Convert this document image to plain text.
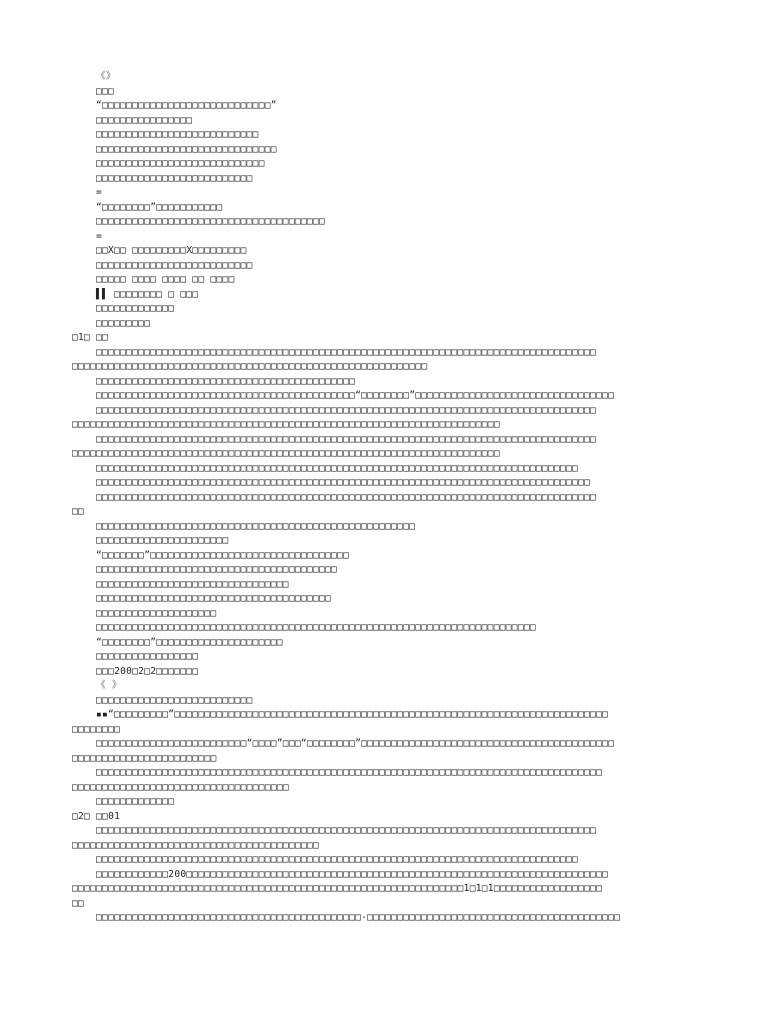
《》
□□□
“□□□□□□□□□□□□□□□□□□□□□□□□□□□□”
□□□□□□□□□□□□□□□□
□□□□□□□□□□□□□□□□□□□□□□□□□□□
□□□□□□□□□□□□□□□□□□□□□□□□□□□□□□
□□□□□□□□□□□□□□□□□□□□□□□□□□□□
□□□□□□□□□□□□□□□□□□□□□□□□□□
=
“□□□□□□□□”□□□□□□□□□□□
□□□□□□□□□□□□□□□□□□□□□□□□□□□□□□□□□□□□□□
=
□□X□□ □□□□□□□□□X□□□□□□□□□
□□□□□□□□□□□□□□□□□□□□□□□□□□
□□□□□ □□□□ □□□□ □□ □□□□
▌▌ □□□□□□□□ □ □□□
□□□□□□□□□□□□□
□□□□□□□□□
□1□ □□
□□□□□□□□□□□□□□□□□□□□□□□□□□□□□□□□□□□□□□□□□□□□□□□□□□□□□□□□□□□□□□□□□□□□□□□□□□□□□□□□□□□
□□□□□□□□□□□□□□□□□□□□□□□□□□□□□□□□□□□□□□□□□□□□□□□□□□□□□□□□□□□
□□□□□□□□□□□□□□□□□□□□□□□□□□□□□□□□□□□□□□□□□□□
□□□□□□□□□□□□□□□□□□□□□□□□□□□□□□□□□□□□□□□□□□□“□□□□□□□□”□□□□□□□□□□□□□□□□□□□□□□□□□□□□□□□□□
□□□□□□□□□□□□□□□□□□□□□□□□□□□□□□□□□□□□□□□□□□□□□□□□□□□□□□□□□□□□□□□□□□□□□□□□□□□□□□□□□□□
□□□□□□□□□□□□□□□□□□□□□□□□□□□□□□□□□□□□□□□□□□□□□□□□□□□□□□□□□□□□□□□□□□□□□□□
□□□□□□□□□□□□□□□□□□□□□□□□□□□□□□□□□□□□□□□□□□□□□□□□□□□□□□□□□□□□□□□□□□□□□□□□□□□□□□□□□□□
□□□□□□□□□□□□□□□□□□□□□□□□□□□□□□□□□□□□□□□□□□□□□□□□□□□□□□□□□□□□□□□□□□□□□□□
□□□□□□□□□□□□□□□□□□□□□□□□□□□□□□□□□□□□□□□□□□□□□□□□□□□□□□□□□□□□□□□□□□□□□□□□□□□□□□□□
□□□□□□□□□□□□□□□□□□□□□□□□□□□□□□□□□□□□□□□□□□□□□□□□□□□□□□□□□□□□□□□□□□□□□□□□□□□□□□□□□□
□□□□□□□□□□□□□□□□□□□□□□□□□□□□□□□□□□□□□□□□□□□□□□□□□□□□□□□□□□□□□□□□□□□□□□□□□□□□□□□□□□□
□□
□□□□□□□□□□□□□□□□□□□□□□□□□□□□□□□□□□□□□□□□□□□□□□□□□□□□□
□□□□□□□□□□□□□□□□□□□□□□
“□□□□□□□”□□□□□□□□□□□□□□□□□□□□□□□□□□□□□□□□□
□□□□□□□□□□□□□□□□□□□□□□□□□□□□□□□□□□□□□□□□
□□□□□□□□□□□□□□□□□□□□□□□□□□□□□□□□
□□□□□□□□□□□□□□□□□□□□□□□□□□□□□□□□□□□□□□□
□□□□□□□□□□□□□□□□□□□□
□□□□□□□□□□□□□□□□□□□□□□□□□□□□□□□□□□□□□□□□□□□□□□□□□□□□□□□□□□□□□□□□□□□□□□□□□
“□□□□□□□□”□□□□□□□□□□□□□□□□□□□□□
□□□□□□□□□□□□□□□□□
□□□200□2□2□□□□□□□
《 》
□□□□□□□□□□□□□□□□□□□□□□□□□□
▪▪“□□□□□□□□□”□□□□□□□□□□□□□□□□□□□□□□□□□□□□□□□□□□□□□□□□□□□□□□□□□□□□□□□□□□□□□□□□□□□□□□□□
□□□□□□□□
□□□□□□□□□□□□□□□□□□□□□□□□□“□□□□”□□□“□□□□□□□□”□□□□□□□□□□□□□□□□□□□□□□□□□□□□□□□□□□□□□□□□□□
□□□□□□□□□□□□□□□□□□□□□□□□
□□□□□□□□□□□□□□□□□□□□□□□□□□□□□□□□□□□□□□□□□□□□□□□□□□□□□□□□□□□□□□□□□□□□□□□□□□□□□□□□□□□□
□□□□□□□□□□□□□□□□□□□□□□□□□□□□□□□□□□□□
□□□□□□□□□□□□□
□2□ □□01
□□□□□□□□□□□□□□□□□□□□□□□□□□□□□□□□□□□□□□□□□□□□□□□□□□□□□□□□□□□□□□□□□□□□□□□□□□□□□□□□□□□
□□□□□□□□□□□□□□□□□□□□□□□□□□□□□□□□□□□□□□□□□
□□□□□□□□□□□□□□□□□□□□□□□□□□□□□□□□□□□□□□□□□□□□□□□□□□□□□□□□□□□□□□□□□□□□□□□□□□□□□□□□
□□□□□□□□□□□□200□□□□□□□□□□□□□□□□□□□□□□□□□□□□□□□□□□□□□□□□□□□□□□□□□□□□□□□□□□□□□□□□□□□□□□
□□□□□□□□□□□□□□□□□□□□□□□□□□□□□□□□□□□□□□□□□□□□□□□□□□□□□□□□□□□□□□□□□1□1□1□□□□□□□□□□□□□□□□□□
□□
□□□□□□□□□□□□□□□□□□□□□□□□□□□□□□□□□□□□□□□□□□□□-□□□□□□□□□□□□□□□□□□□□□□□□□□□□□□□□□□□□□□□□□□
